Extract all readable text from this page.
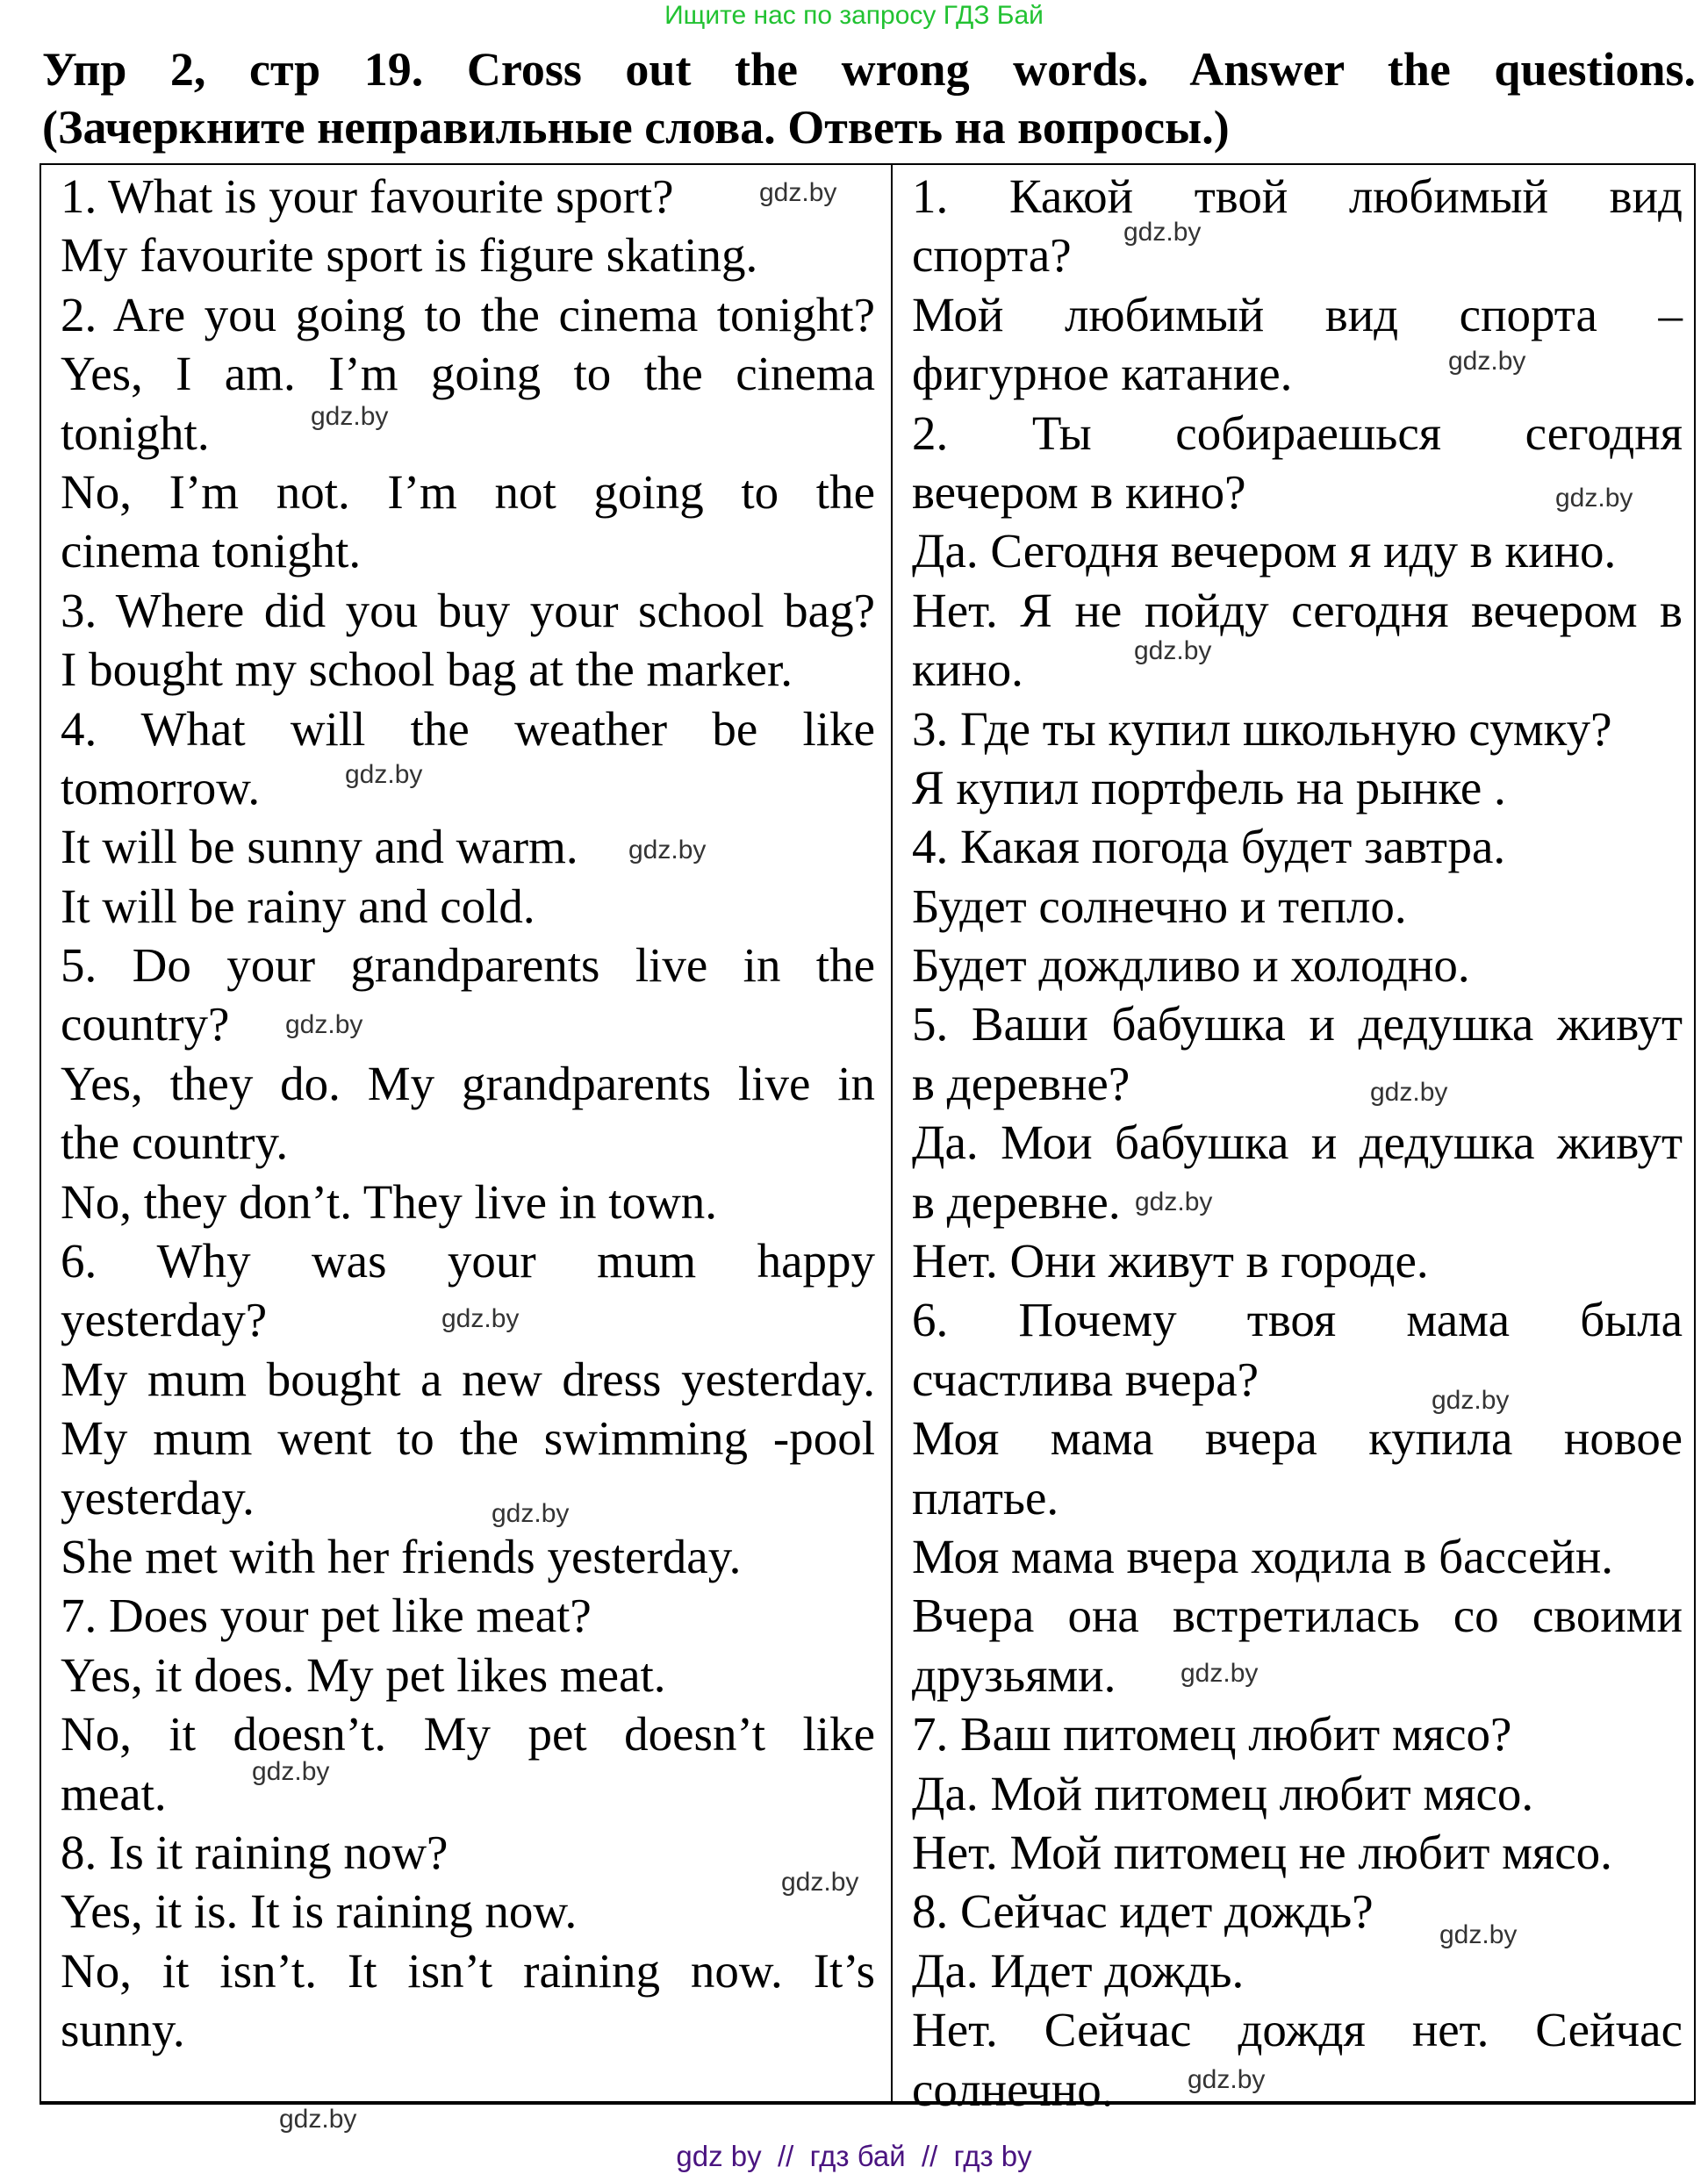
Ищите нас по запросу ГДЗ Бай
Упр 2, стр 19. Cross out the wrong words. Answer the questions.
(Зачеркните неправильные слова. Ответь на вопросы.)
1. What is your favourite sport?
My favourite sport is figure skating.
2. Are you going to the cinema tonight?
Yes, I am. I’m going to the cinema
tonight.
No, I’m not. I’m not going to the
cinema tonight.
3. Where did you buy your school bag?
I bought my school bag at the marker.
4. What will the weather be like
tomorrow.
It will be sunny and warm.
It will be rainy and cold.
5. Do your grandparents live in the
country?
Yes, they do. My grandparents live in
the country.
No, they don’t. They live in town.
6. Why was your mum happy
yesterday?
My mum bought a new dress yesterday.
My mum went to the swimming -pool
yesterday.
She met with her friends yesterday.
7. Does your pet like meat?
Yes, it does. My pet likes meat.
No, it doesn’t. My pet doesn’t like
meat.
8. Is it raining now?
Yes, it is. It is raining now.
No, it isn’t. It isn’t raining now. It’s
sunny.
1. Какой твой любимый вид
спорта?
Мой любимый вид спорта –
фигурное катание.
2. Ты собираешься сегодня
вечером в кино?
Да. Сегодня вечером я иду в кино.
Нет. Я не пойду сегодня вечером в
кино.
3. Где ты купил школьную сумку?
Я купил портфель на рынке .
4. Какая погода будет завтра.
Будет солнечно и тепло.
Будет дождливо и холодно.
5. Ваши бабушка и дедушка живут
в деревне?
Да. Мои бабушка и дедушка живут
в деревне.
Нет. Они живут в городе.
6. Почему твоя мама была
счастлива вчера?
Моя мама вчера купила новое
платье.
Моя мама вчера ходила в бассейн.
Вчера она встретилась со своими
друзьями.
7. Ваш питомец любит мясо?
Да. Мой питомец любит мясо.
Нет. Мой питомец не любит мясо.
8. Сейчас идет дождь?
Да. Идет дождь.
Нет. Сейчас дождя нет. Сейчас
солнечно.
gdz.by
gdz.by
gdz.by
gdz.by
gdz.by
gdz.by
gdz.by
gdz.by
gdz.by
gdz.by
gdz.by
gdz.by
gdz.by
gdz.by
gdz.by
gdz.by
gdz.by
gdz.by
gdz.by
gdz.by
gdz by  //  гдз бай  //  гдз by
